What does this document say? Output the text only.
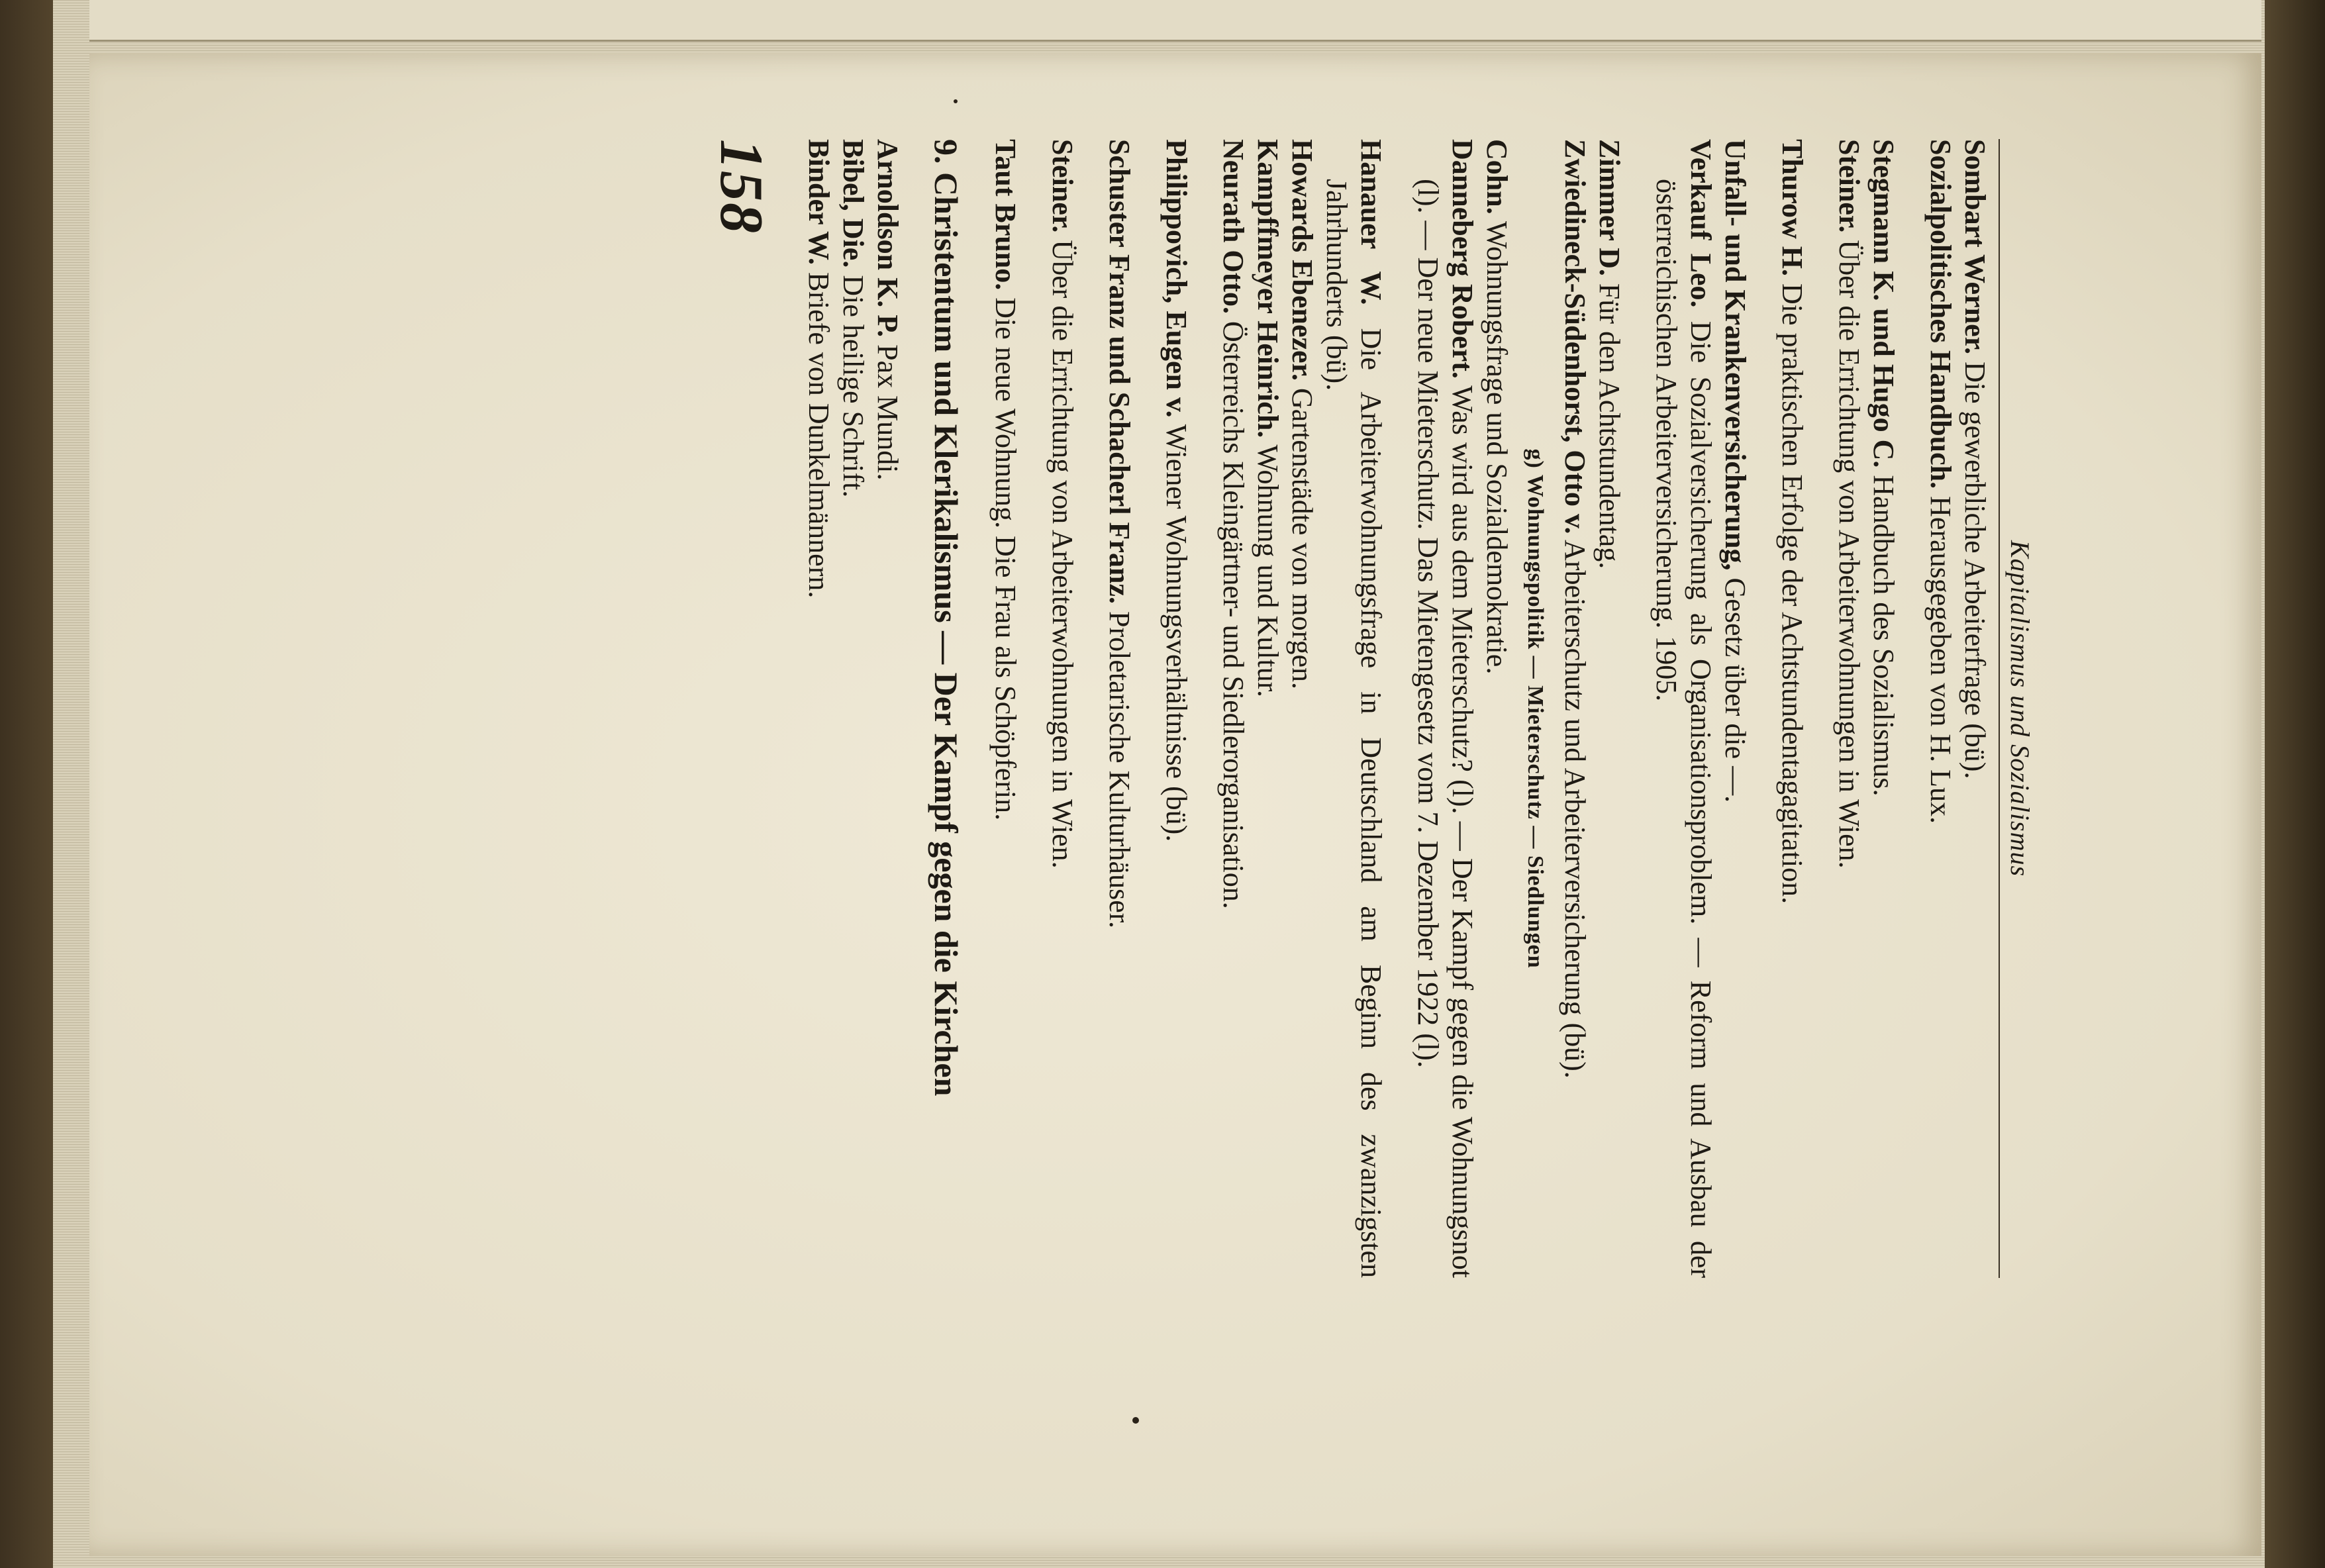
Kapitalismus und Sozialismus

Sombart Werner. Die gewerbliche Arbeiterfrage (bü).

Sozialpolitisches Handbuch. Herausgegeben von H. Lux.

Stegmann K. und Hugo C. Handbuch des Sozialismus.

Steiner. Über die Errichtung von Arbeiterwohnungen in Wien.

Thurow H. Die praktischen Erfolge der Achtstundentagagitation.

Unfall- und Krankenversicherung, Gesetz über die —.

Verkauf Leo. Die Sozialversicherung als Organisationsproblem. — Reform und Ausbau der österreichischen Arbeiterversicherung. 1905.

Zimmer D. Für den Achtstundentag.

Zwiedineck-Südenhorst, Otto v. Arbeiterschutz und Arbeiterversicherung (bü).

g) Wohnungspolitik — Mieterschutz — Siedlungen

Cohn. Wohnungsfrage und Sozialdemokratie.

Danneberg Robert. Was wird aus dem Mieterschutz? (l). — Der Kampf gegen die Wohnungsnot (l). — Der neue Mieterschutz. Das Mietengesetz vom 7. Dezember 1922 (l).

Hanauer W. Die Arbeiterwohnungsfrage in Deutschland am Beginn des zwanzigsten Jahrhunderts (bü).

Howards Ebenezer. Gartenstädte von morgen.

Kampffmeyer Heinrich. Wohnung und Kultur.

Neurath Otto. Österreichs Kleingärtner- und Siedlerorganisation.

Philippovich, Eugen v. Wiener Wohnungsverhältnisse (bü).

Schuster Franz und Schacherl Franz. Proletarische Kulturhäuser.

Steiner. Über die Errichtung von Arbeiterwohnungen in Wien.

Taut Bruno. Die neue Wohnung. Die Frau als Schöpferin.

9. Christentum und Klerikalismus — Der Kampf gegen die Kirchen

Arnoldson K. P. Pax Mundi.

Bibel, Die. Die heilige Schrift.

Binder W. Briefe von Dunkelmännern.

158
